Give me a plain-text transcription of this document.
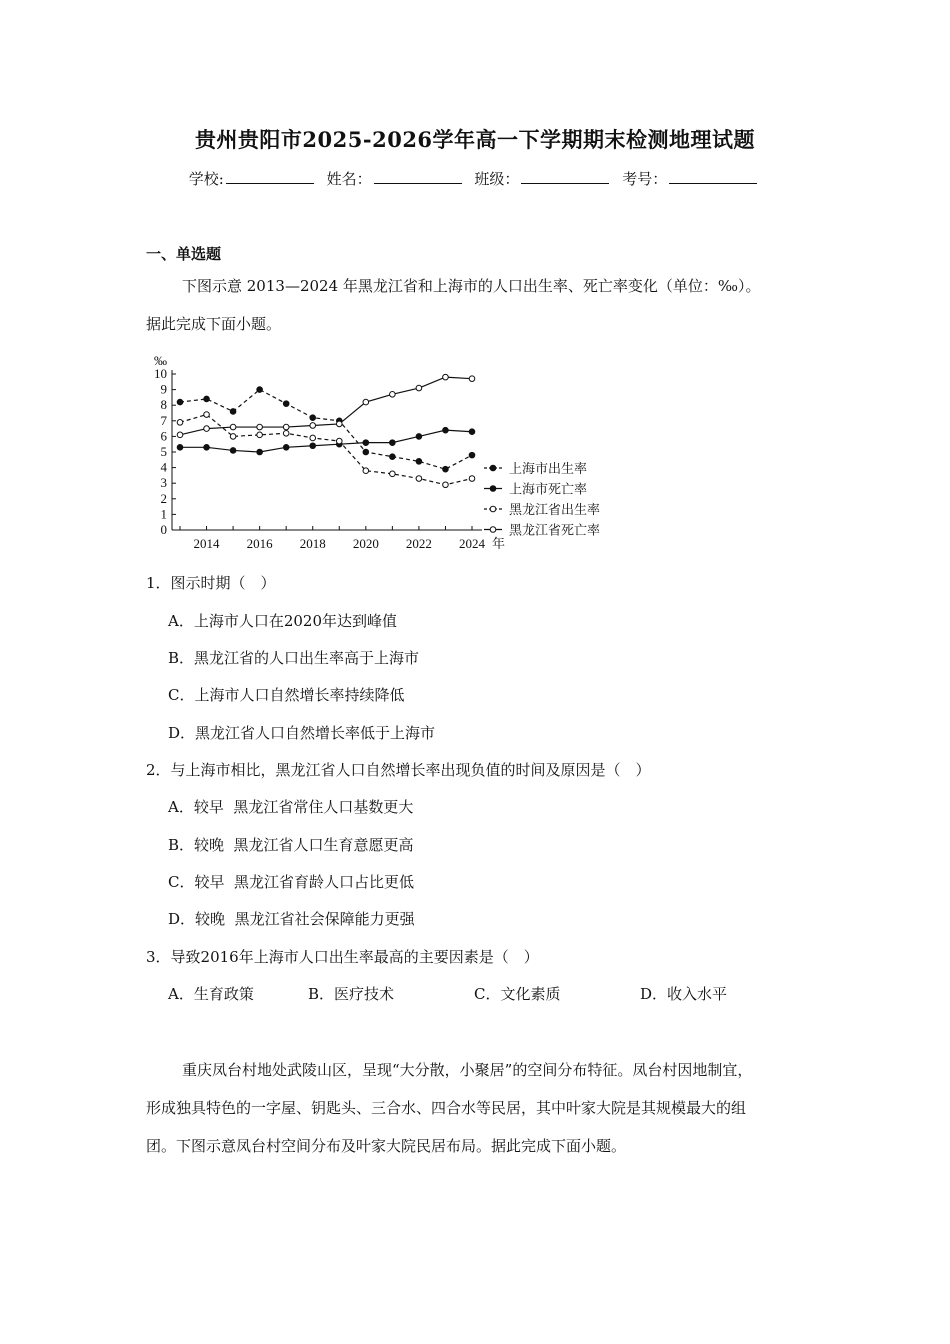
贵州贵阳市2025-2026学年高一下学期期末检测地理试题
学校:	姓名：	班级：	考号：
一、单选题
下图示意 2013—2024 年黑龙江省和上海市的人口出生率、死亡率变化（单位：‰）。
据此完成下面小题。
0
1
2
3
4
5
6
7
8
9
10
‰
2014 2016 2018 2020 2022 2024 年
上海市出生率
上海市死亡率
黑龙江省出生率
黑龙江省死亡率
1．图示时期（　）
A．上海市人口在2020年达到峰值
B．黑龙江省的人口出生率高于上海市
C．上海市人口自然增长率持续降低
D．黑龙江省人口自然增长率低于上海市
2．与上海市相比，黑龙江省人口自然增长率出现负值的时间及原因是（　）
A．较早  黑龙江省常住人口基数更大
B．较晚  黑龙江省人口生育意愿更高
C．较早  黑龙江省育龄人口占比更低
D．较晚  黑龙江省社会保障能力更强
3．导致2016年上海市人口出生率最高的主要因素是（　）
A．生育政策	B．医疗技术	C．文化素质	D．收入水平
重庆凤台村地处武陵山区，呈现“大分散，小聚居”的空间分布特征。凤台村因地制宜，
形成独具特色的一字屋、钥匙头、三合水、四合水等民居，其中叶家大院是其规模最大的组
团。下图示意凤台村空间分布及叶家大院民居布局。据此完成下面小题。
